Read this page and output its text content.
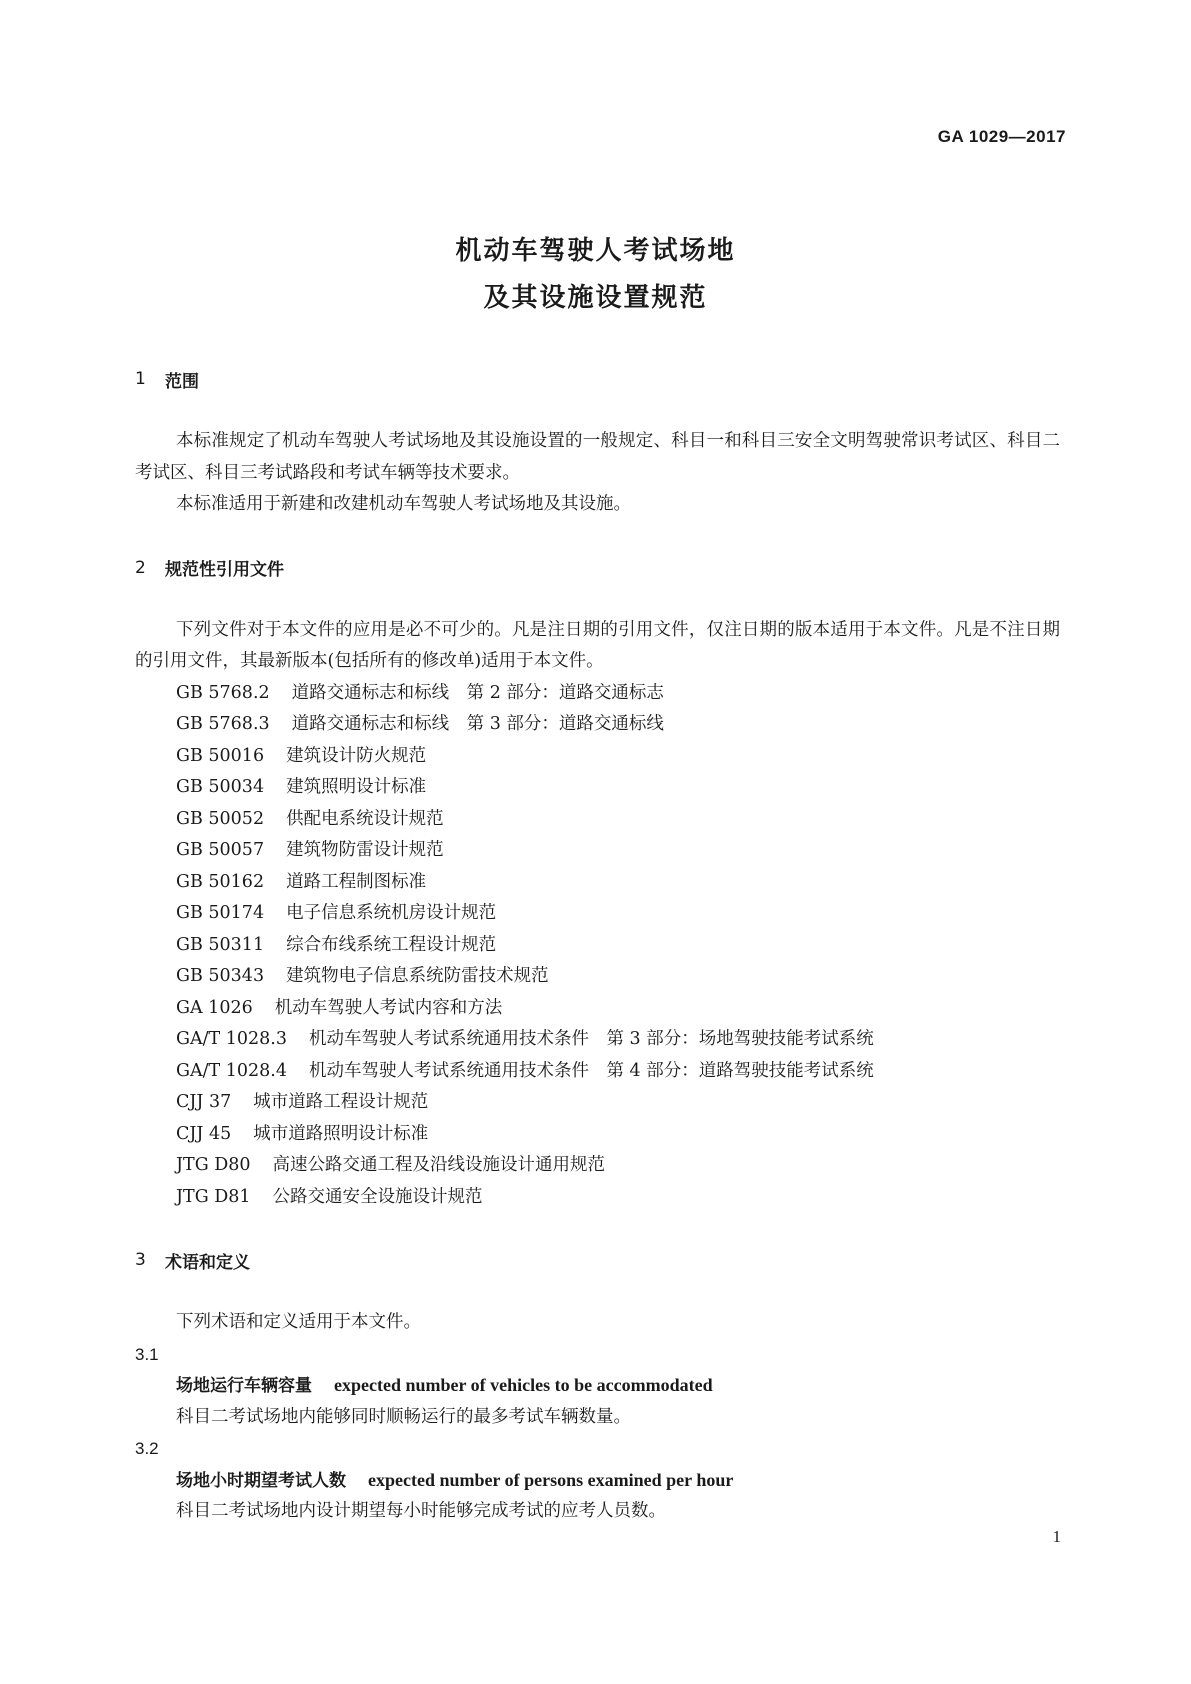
GA 1029—2017
机动车驾驶人考试场地
及其设施设置规范
1	范围

本标准规定了机动车驾驶人考试场地及其设施设置的一般规定、科目一和科目三安全文明驾驶常识考试区、科目二考试区、科目三考试路段和考试车辆等技术要求。

本标准适用于新建和改建机动车驾驶人考试场地及其设施。

2	规范性引用文件

下列文件对于本文件的应用是必不可少的。凡是注日期的引用文件，仅注日期的版本适用于本文件。凡是不注日期的引用文件，其最新版本(包括所有的修改单)适用于本文件。

GB 5768.2 道路交通标志和标线　第 2 部分：道路交通标志
GB 5768.3 道路交通标志和标线　第 3 部分：道路交通标线
GB 50016 建筑设计防火规范
GB 50034 建筑照明设计标准
GB 50052 供配电系统设计规范
GB 50057 建筑物防雷设计规范
GB 50162 道路工程制图标准
GB 50174 电子信息系统机房设计规范
GB 50311 综合布线系统工程设计规范
GB 50343 建筑物电子信息系统防雷技术规范
GA 1026 机动车驾驶人考试内容和方法
GA/T 1028.3 机动车驾驶人考试系统通用技术条件　第 3 部分：场地驾驶技能考试系统
GA/T 1028.4 机动车驾驶人考试系统通用技术条件　第 4 部分：道路驾驶技能考试系统
CJJ 37 城市道路工程设计规范
CJJ 45 城市道路照明设计标准
JTG D80 高速公路交通工程及沿线设施设计通用规范
JTG D81 公路交通安全设施设计规范
3	术语和定义

下列术语和定义适用于本文件。

3.1
场地运行车辆容量 expected number of vehicles to be accommodated
科目二考试场地内能够同时顺畅运行的最多考试车辆数量。
3.2
场地小时期望考试人数 expected number of persons examined per hour
科目二考试场地内设计期望每小时能够完成考试的应考人员数。
1
